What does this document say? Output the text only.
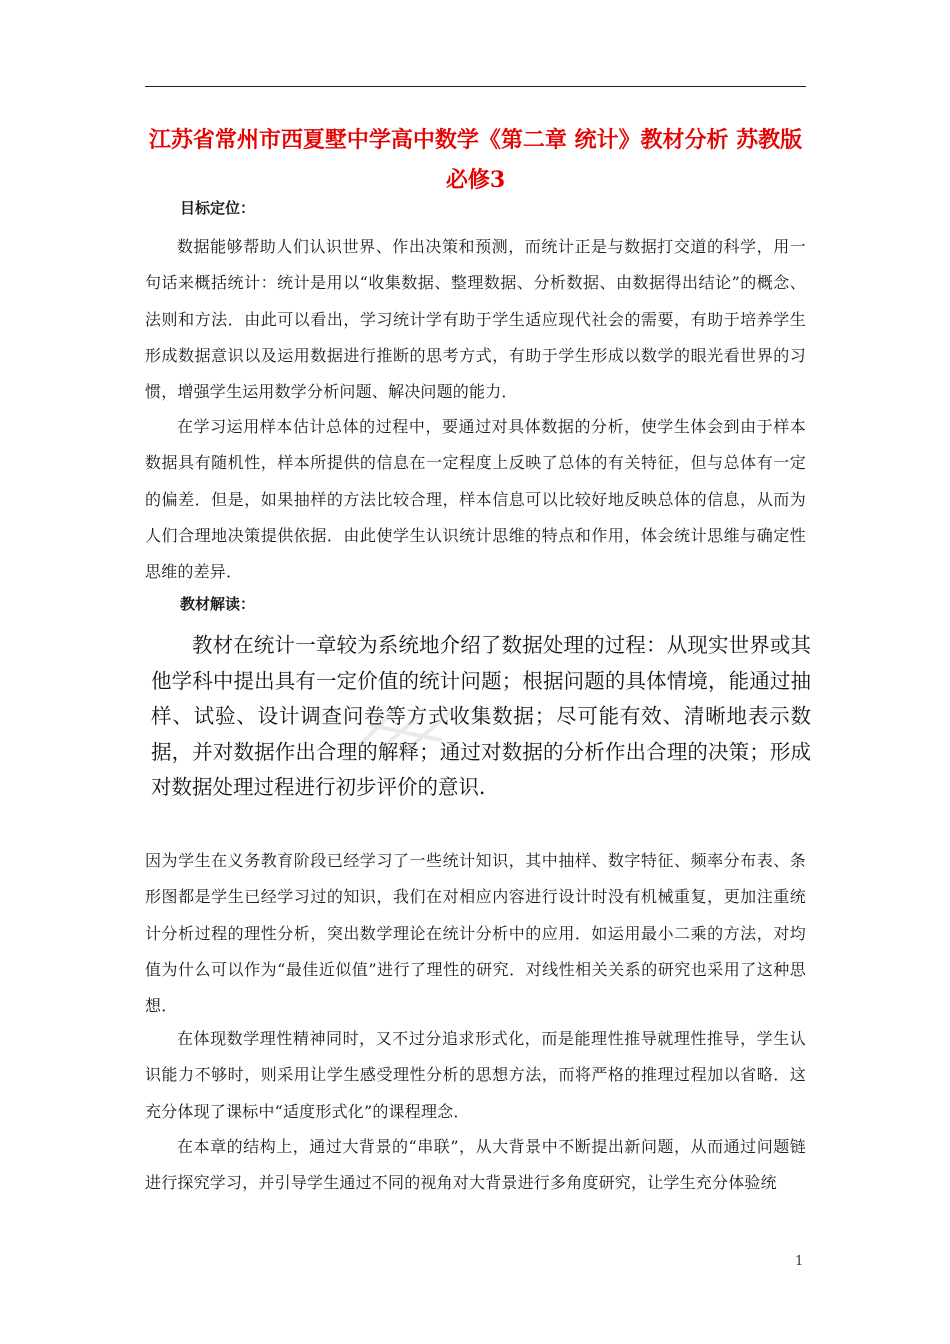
江苏省常州市西夏墅中学高中数学《第二章 统计》教材分析 苏教版必修3
目标定位：
数据能够帮助人们认识世界、作出决策和预测，而统计正是与数据打交道的科学，用一句话来概括统计：统计是用以“收集数据、整理数据、分析数据、由数据得出结论”的概念、法则和方法．由此可以看出，学习统计学有助于学生适应现代社会的需要，有助于培养学生形成数据意识以及运用数据进行推断的思考方式，有助于学生形成以数学的眼光看世界的习惯，增强学生运用数学分析问题、解决问题的能力．
在学习运用样本估计总体的过程中，要通过对具体数据的分析，使学生体会到由于样本数据具有随机性，样本所提供的信息在一定程度上反映了总体的有关特征，但与总体有一定的偏差．但是，如果抽样的方法比较合理，样本信息可以比较好地反映总体的信息，从而为人们合理地决策提供依据．由此使学生认识统计思维的特点和作用，体会统计思维与确定性思维的差异．
教材解读：
教材在统计一章较为系统地介绍了数据处理的过程：从现实世界或其他学科中提出具有一定价值的统计问题；根据问题的具体情境，能通过抽样、试验、设计调查问卷等方式收集数据；尽可能有效、清晰地表示数据，并对数据作出合理的解释；通过对数据的分析作出合理的决策；形成对数据处理过程进行初步评价的意识．
因为学生在义务教育阶段已经学习了一些统计知识，其中抽样、数字特征、频率分布表、条形图都是学生已经学习过的知识，我们在对相应内容进行设计时没有机械重复，更加注重统计分析过程的理性分析，突出数学理论在统计分析中的应用．如运用最小二乘的方法，对均值为什么可以作为“最佳近似值”进行了理性的研究．对线性相关关系的研究也采用了这种思想．
在体现数学理性精神同时，又不过分追求形式化，而是能理性推导就理性推导，学生认识能力不够时，则采用让学生感受理性分析的思想方法，而将严格的推理过程加以省略．这充分体现了课标中“适度形式化”的课程理念．
在本章的结构上，通过大背景的“串联”，从大背景中不断提出新问题，从而通过问题链进行探究学习，并引导学生通过不同的视角对大背景进行多角度研究，让学生充分体验统
1
